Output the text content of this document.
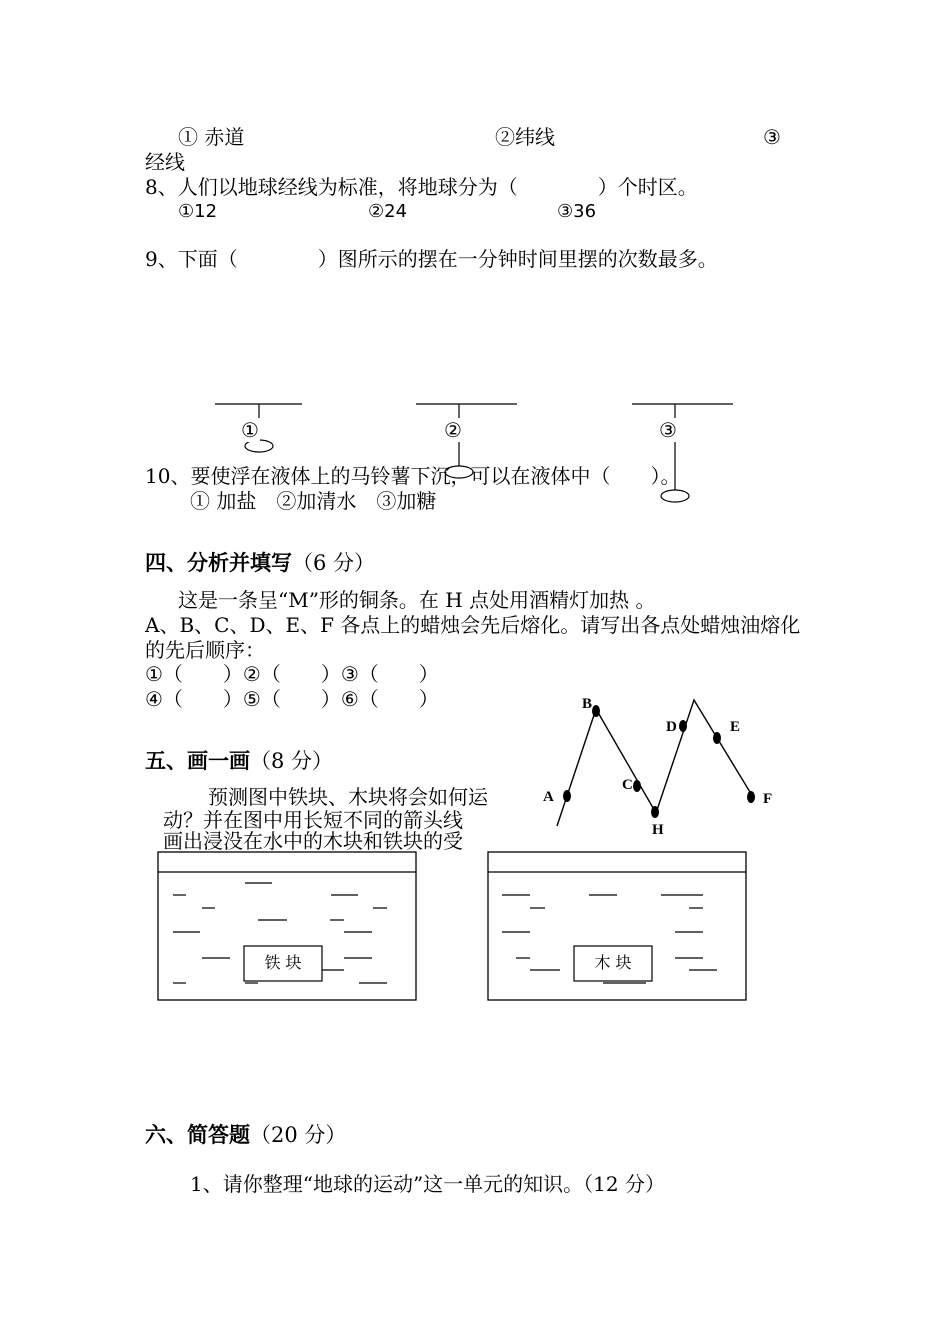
① 赤道	②纬线	③
经线
8、人们以地球经线为标准，将地球分为（　　　　）个时区。
①12	②24	③36
9、下面（　　　　）图所示的摆在一分钟时间里摆的次数最多。
A
B
C
D	E
F
H
铁 块	木 块
①	②	③
10、要使浮在液体上的马铃薯下沉，可以在液体中（　　）。
① 加盐　②加清水　③加糖
四、分析并填写（6 分）
这是一条呈“M”形的铜条。在 H 点处用酒精灯加热 。
A、B、C、D、E、F 各点上的蜡烛会先后熔化。请写出各点处蜡烛油熔化
的先后顺序：
①（　　）②（　　）③（　　）
④（　　）⑤（　　）⑥（　　）
五、画一画（8 分）
预测图中铁块、木块将会如何运
动？并在图中用长短不同的箭头线
画出浸没在水中的木块和铁块的受
六、简答题（20 分）
1、请你整理“地球的运动”这一单元的知识。（12 分）
